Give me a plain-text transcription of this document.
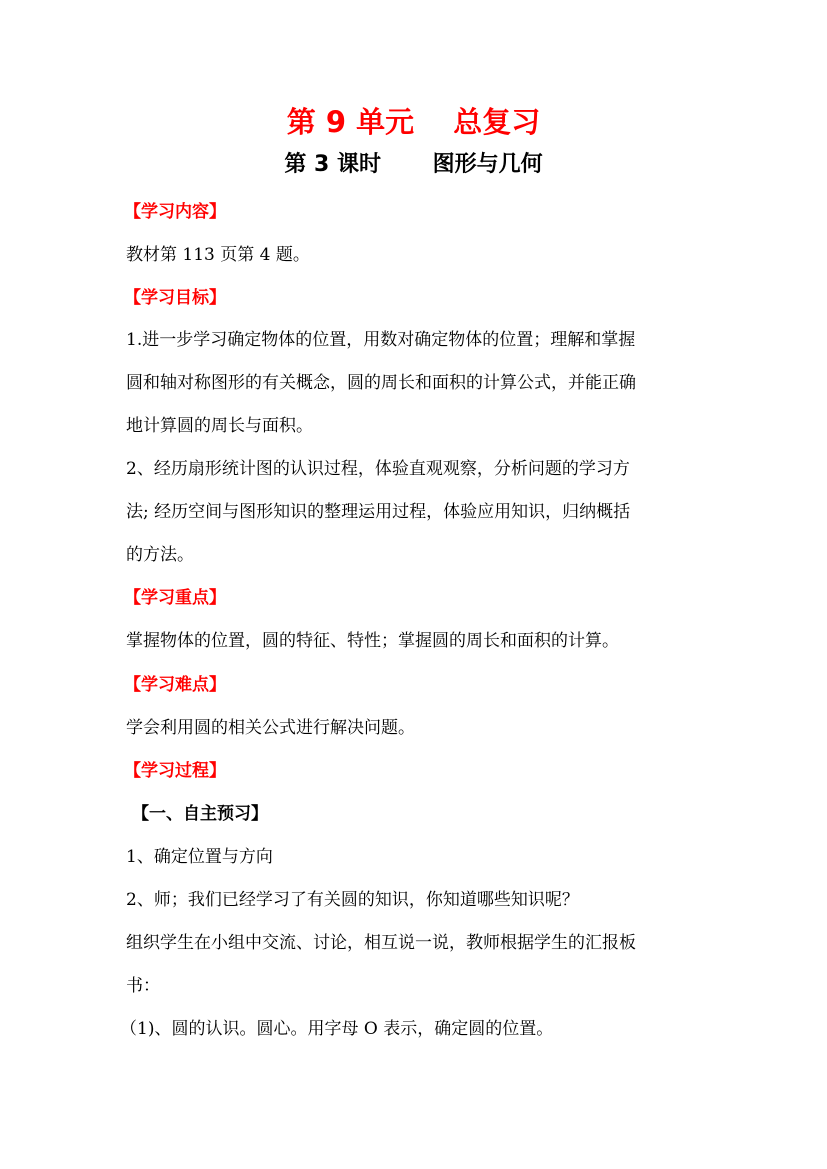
第 9 单元　 总复习
第 3 课时　　 图形与几何
【学习内容】
教材第 113 页第 4 题。
【学习目标】
1.进一步学习确定物体的位置，用数对确定物体的位置；理解和掌握
圆和轴对称图形的有关概念，圆的周长和面积的计算公式，并能正确
地计算圆的周长与面积。
2、经历扇形统计图的认识过程，体验直观观察，分析问题的学习方
法; 经历空间与图形知识的整理运用过程，体验应用知识，归纳概括
的方法。
【学习重点】
掌握物体的位置，圆的特征、特性；掌握圆的周长和面积的计算。
【学习难点】
学会利用圆的相关公式进行解决问题。
【学习过程】
【一、自主预习】
1、确定位置与方向
2、师；我们已经学习了有关圆的知识，你知道哪些知识呢？
组织学生在小组中交流、讨论，相互说一说，教师根据学生的汇报板
书：
（1)、圆的认识。圆心。用字母 O 表示，确定圆的位置。
